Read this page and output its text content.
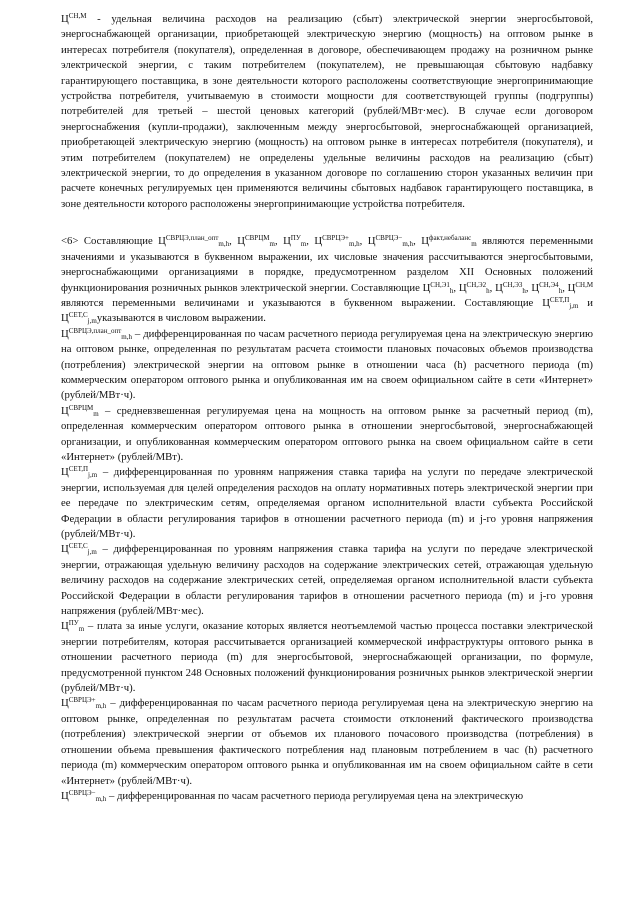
$Ц^{СН,М}$ - удельная величина расходов на реализацию (сбыт) электрической энергии энергосбытовой, энергоснабжающей организации, приобретающей электрическую энергию (мощность) на оптовом рынке в интересах потребителя (покупателя), определенная в договоре, обеспечивающем продажу на розничном рынке электрической энергии, с таким потребителем (покупателем), не превышающая сбытовую надбавку гарантирующего поставщика, в зоне деятельности которого расположены соответствующие энергопринимающие устройства потребителя, учитываемую в стоимости мощности для соответствующей группы (подгруппы) потребителей для третьей – шестой ценовых категорий (рублей/МВт·мес). В случае если договором энергоснабжения (купли-продажи), заключенным между энергосбытовой, энергоснабжающей организацией, приобретающей электрическую энергию (мощность) на оптовом рынке в интересах потребителя (покупателя), и этим потребителем (покупателем) не определены удельные величины расходов на реализацию (сбыт) электрической энергии, то до определения в указанном договоре по соглашению сторон указанных величин при расчете конечных регулируемых цен применяются величины сбытовых надбавок гарантирующего поставщика, в зоне деятельности которого расположены энергопринимающие устройства потребителя.

<6> Составляющие $Ц^{СВРЦЭ,план\_опт}_{m,h}$, $Ц^{СВРЦМ}_m$, $Ц^{ПУ}_m$, $Ц^{СВРЦЭ+}_{m,h}$, $Ц^{СВРЦЭ-}_{m,h}$, $Ц^{факт,небаланс}_m$ являются переменными значениями и указываются в буквенном выражении, их числовые значения рассчитываются энергосбытовыми, энергоснабжающими организациями в порядке, предусмотренном разделом XII Основных положений функционирования розничных рынков электрической энергии. Составляющие $Ц^{СН,Э1}_h$, $Ц^{СН,Э2}_h$, $Ц^{СН,Э3}_h$, $Ц^{СН,Э4}_h$, $Ц^{СН,М}$ являются переменными величинами и указываются в буквенном выражении. Составляющие $Ц^{СЕТ,П}_{j,m}$ и $Ц^{СЕТ,С}_{j,m}указываются$ в числовом выражении.

$Ц^{СВРЦЭ,план\_опт}_{m,h}$ – дифференцированная по часам расчетного периода регулируемая цена на электрическую энергию на оптовом рынке, определенная по результатам расчета стоимости плановых почасовых объемов производства (потребления) электрической энергии на оптовом рынке в отношении часа (h) расчетного периода (m) коммерческим оператором оптового рынка и опубликованная им на своем официальном сайте в сети «Интернет» (рублей/МВт·ч).

$Ц^{СВРЦМ}_m$ – средневзвешенная регулируемая цена на мощность на оптовом рынке за расчетный период (m), определенная коммерческим оператором оптового рынка в отношении энергосбытовой, энергоснабжающей организации, и опубликованная коммерческим оператором оптового рынка на своем официальном сайте в сети «Интернет» (рублей/МВт).

$Ц^{СЕТ,П}_{j,m}$ – дифференцированная по уровням напряжения ставка тарифа на услуги по передаче электрической энергии, используемая для целей определения расходов на оплату нормативных потерь электрической энергии при ее передаче по электрическим сетям, определяемая органом исполнительной власти субъекта Российской Федерации в области регулирования тарифов в отношении расчетного периода (m) и j-го уровня напряжения (рублей/МВт·ч).

$Ц^{СЕТ,С}_{j,m}$ – дифференцированная по уровням напряжения ставка тарифа на услуги по передаче электрической энергии, отражающая удельную величину расходов на содержание электрических сетей, отражающая удельную величину расходов на содержание электрических сетей, определяемая органом исполнительной власти субъекта Российской Федерации в области регулирования тарифов в отношении расчетного периода (m) и j-го уровня напряжения (рублей/МВт·мес).

$Ц^{ПУ}_m$ – плата за иные услуги, оказание которых является неотъемлемой частью процесса поставки электрической энергии потребителям, которая рассчитывается организацией коммерческой инфраструктуры оптового рынка в отношении расчетного периода (m) для энергосбытовой, энергоснабжающей организации, по формуле, предусмотренной пунктом 248 Основных положений функционирования розничных рынков электрической энергии (рублей/МВт·ч).

$Ц^{СВРЦЭ+}_{m,h}$ – дифференцированная по часам расчетного периода регулируемая цена на электрическую энергию на оптовом рынке, определенная по результатам расчета стоимости отклонений фактического производства (потребления) электрической энергии от объемов их планового почасового производства (потребления) в отношении объема превышения фактического потребления над плановым потреблением в час (h) расчетного периода (m) коммерческим оператором оптового рынка и опубликованная им на своем официальном сайте в сети «Интернет» (рублей/МВт·ч).

$Ц^{СВРЦЭ-}_{m,h}$ – дифференцированная по часам расчетного периода регулируемая цена на электрическую
